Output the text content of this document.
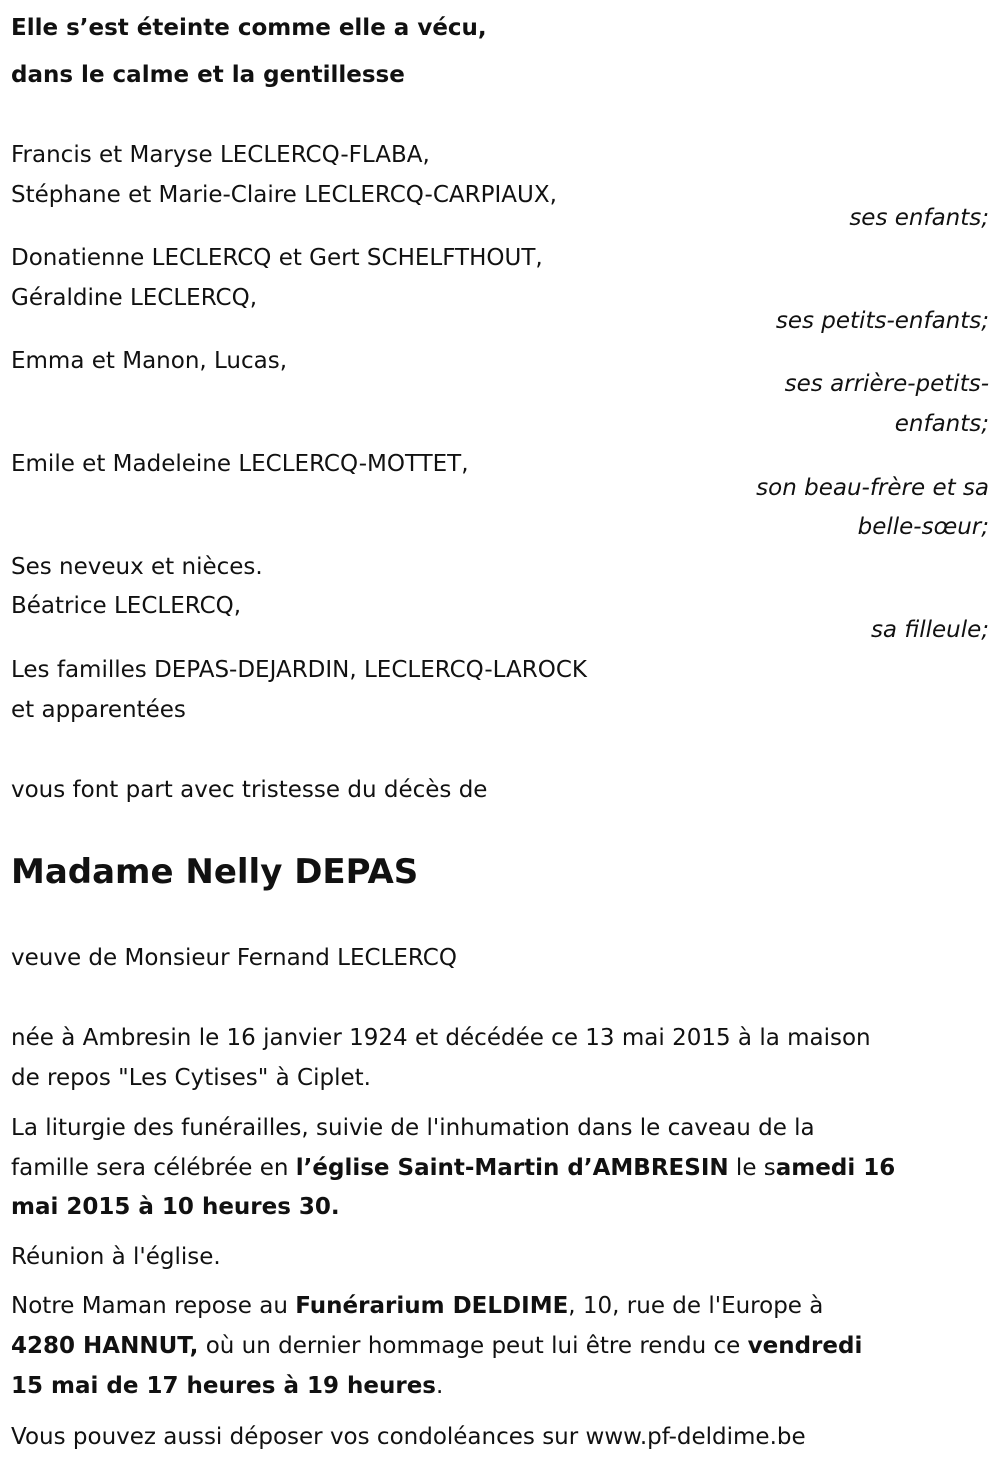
Elle s’est éteinte comme elle a vécu,
dans le calme et la gentillesse
Francis et Maryse LECLERCQ-FLABA,
Stéphane et Marie-Claire LECLERCQ-CARPIAUX,
ses enfants;
Donatienne LECLERCQ et Gert SCHELFTHOUT,
Géraldine LECLERCQ,
ses petits-enfants;
Emma et Manon, Lucas,
ses arrière-petits-
enfants;
Emile et Madeleine LECLERCQ-MOTTET,
son beau-frère et sa
belle-sœur;
Ses neveux et nièces.
Béatrice LECLERCQ,
sa filleule;
Les familles DEPAS-DEJARDIN, LECLERCQ-LAROCK
et apparentées
vous font part avec tristesse du décès de
Madame Nelly DEPAS
veuve de Monsieur Fernand LECLERCQ
née à Ambresin le 16 janvier 1924 et décédée ce 13 mai 2015 à la maison
de repos "Les Cytises" à Ciplet.
La liturgie des funérailles, suivie de l'inhumation dans le caveau de la
famille sera célébrée en l’église Saint-Martin d’AMBRESIN le samedi 16
mai 2015 à 10 heures 30.
Réunion à l'église.
Notre Maman repose au Funérarium DELDIME, 10, rue de l'Europe à
4280 HANNUT, où un dernier hommage peut lui être rendu ce vendredi
15 mai de 17 heures à 19 heures.
Vous pouvez aussi déposer vos condoléances sur www.pf-deldime.be
